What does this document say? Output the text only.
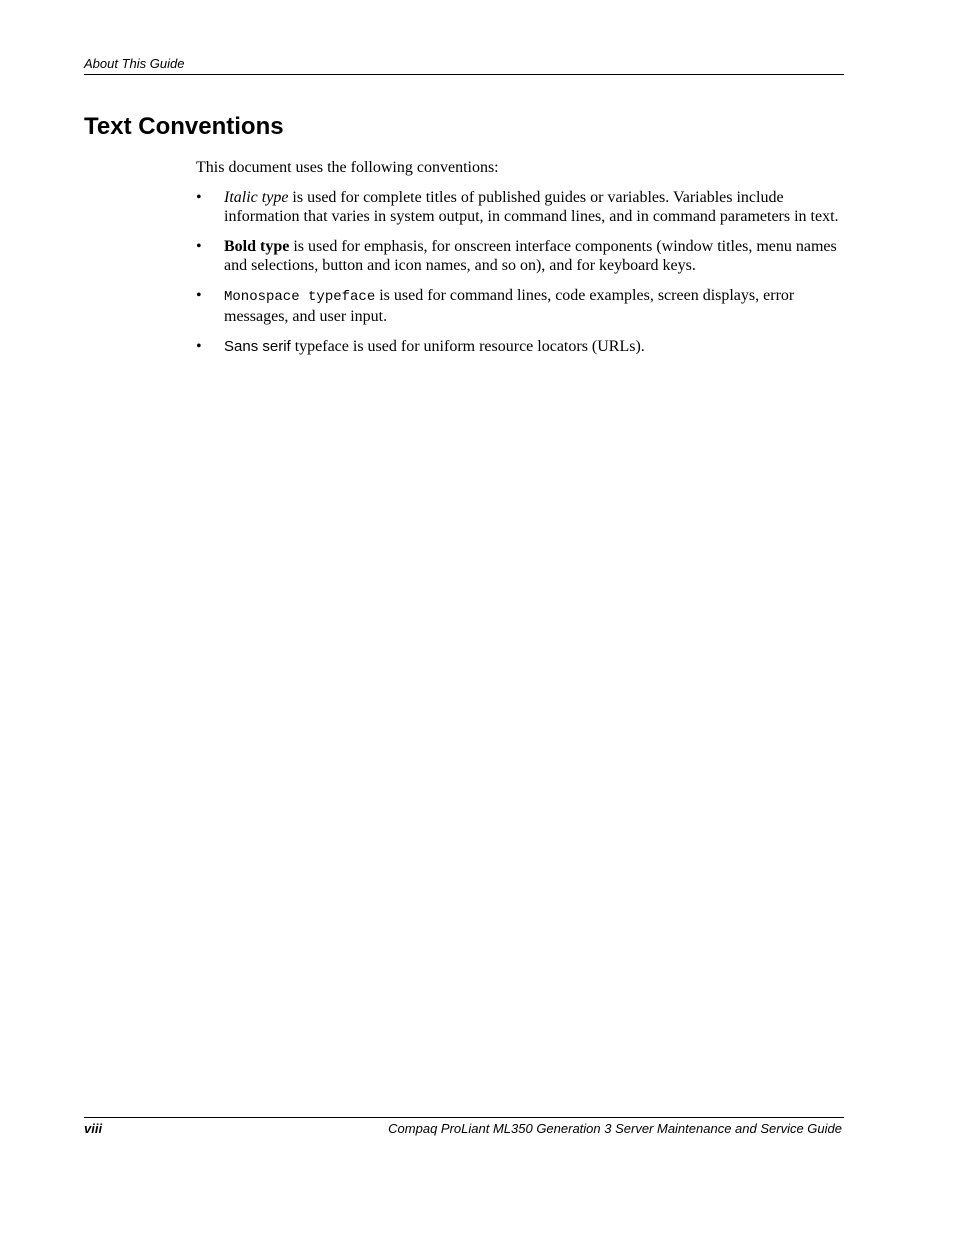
About This Guide
Text Conventions

This document uses the following conventions:

• Italic type is used for complete titles of published guides or variables. Variables include information that varies in system output, in command lines, and in command parameters in text.
• Bold type is used for emphasis, for onscreen interface components (window titles, menu names and selections, button and icon names, and so on), and for keyboard keys.
• Monospace typeface is used for command lines, code examples, screen displays, error messages, and user input.
• Sans serif typeface is used for uniform resource locators (URLs).
viii	Compaq ProLiant ML350 Generation 3 Server Maintenance and Service Guide
